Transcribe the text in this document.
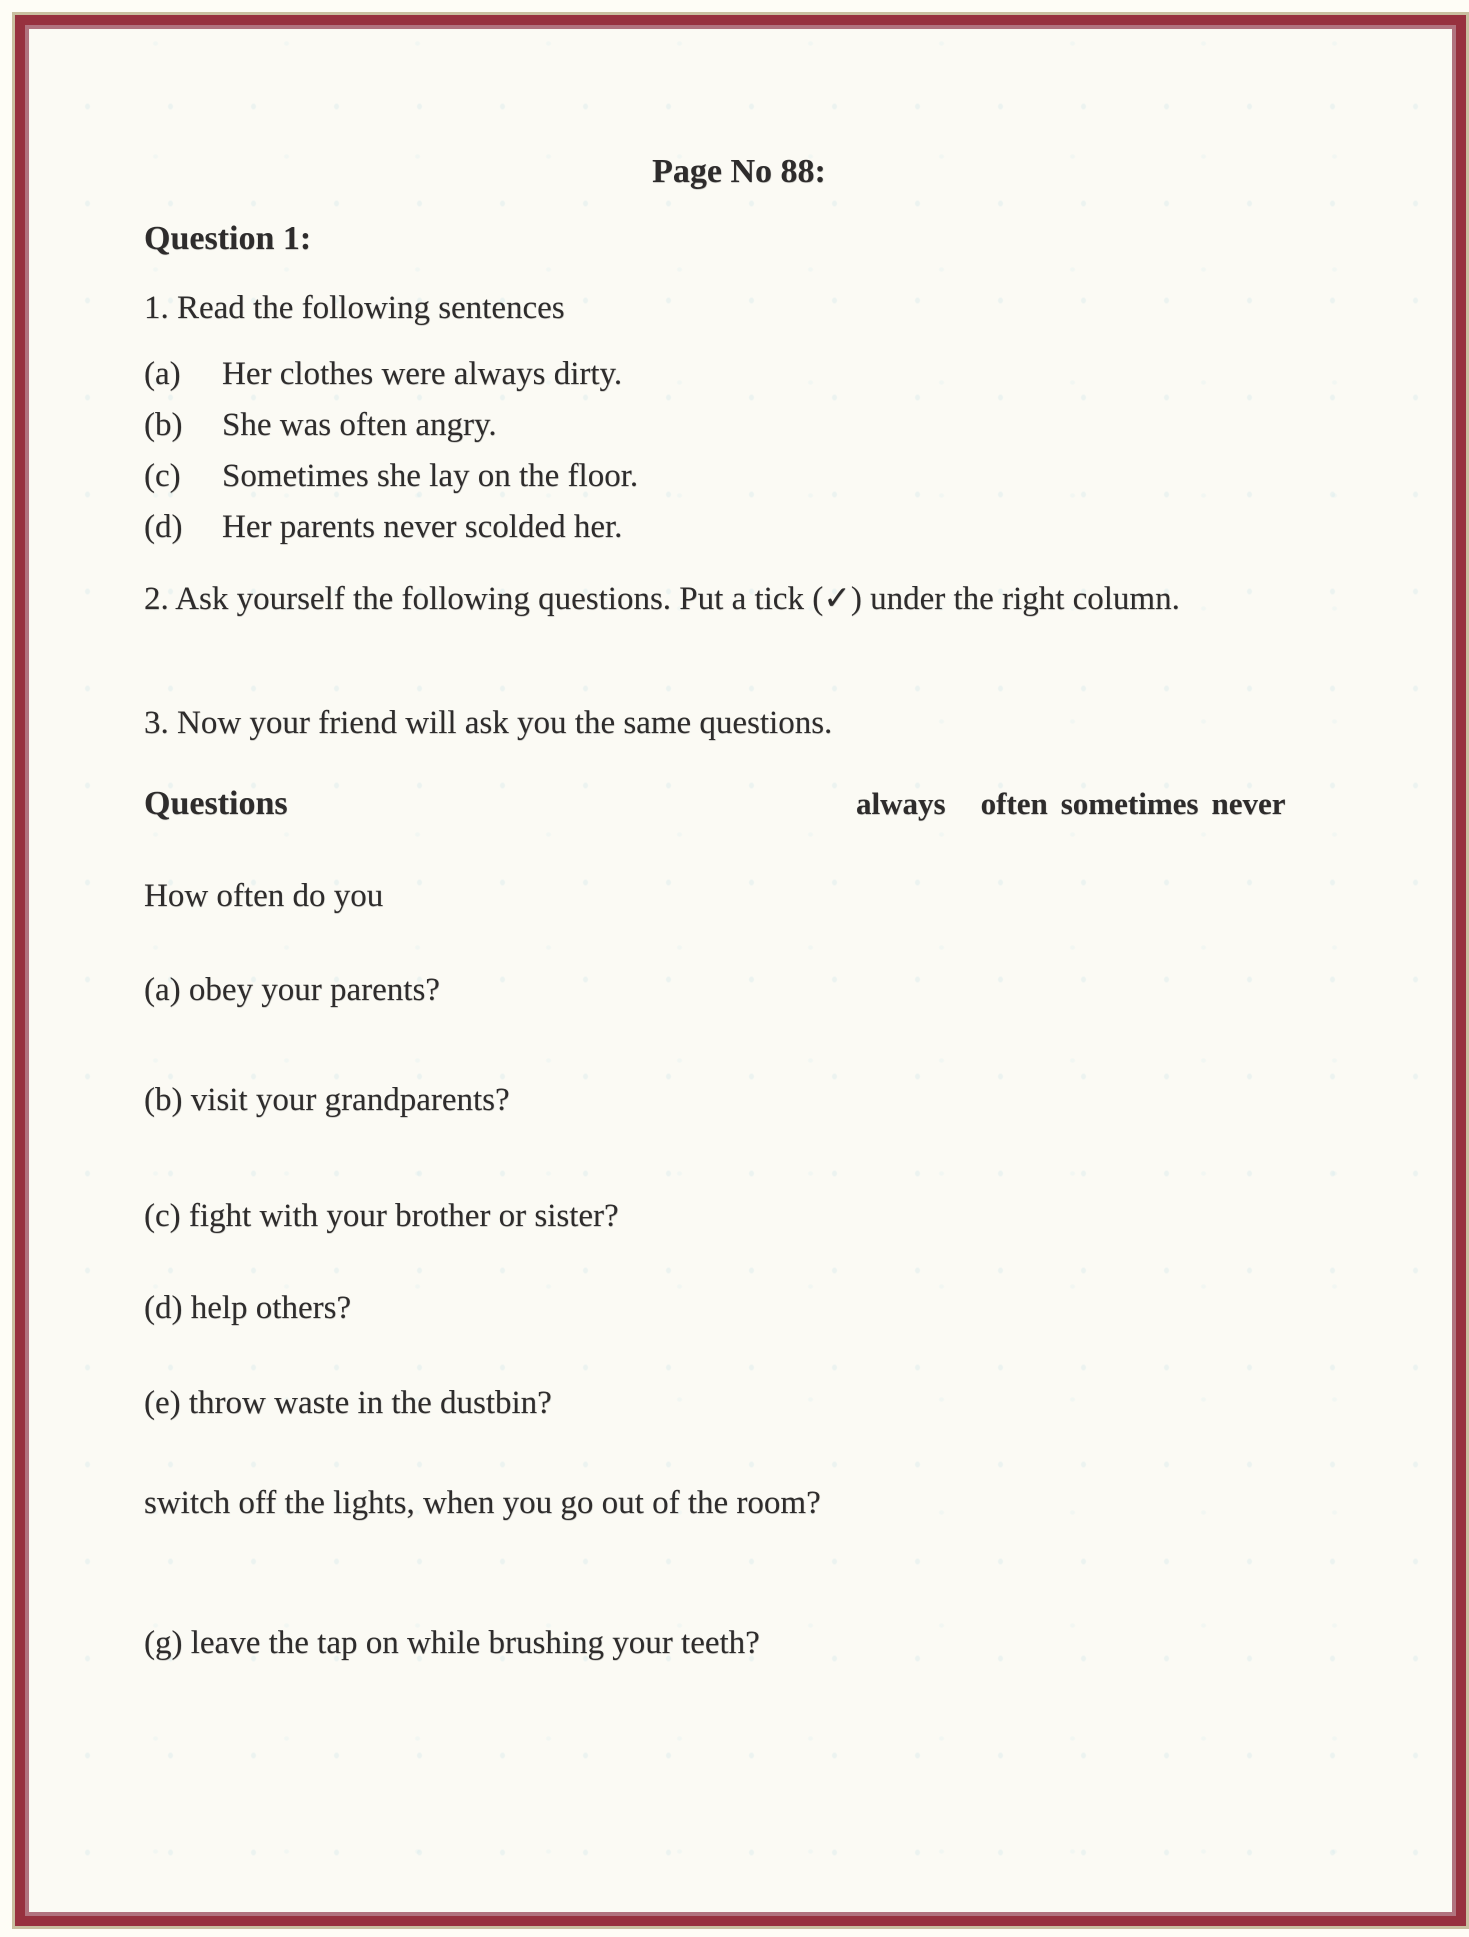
Page No 88:
Question 1:
1. Read the following sentences
(a)	Her clothes were always dirty.
(b)	She was often angry.
(c)	Sometimes she lay on the floor.
(d)	Her parents never scolded her.
2. Ask yourself the following questions. Put a tick (✓) under the right column.
3. Now your friend will ask you the same questions.
Questions	always often sometimes never
How often do you
(a) obey your parents?
(b) visit your grandparents?
(c) fight with your brother or sister?
(d) help others?
(e) throw waste in the dustbin?
switch off the lights, when you go out of the room?
(g) leave the tap on while brushing your teeth?
